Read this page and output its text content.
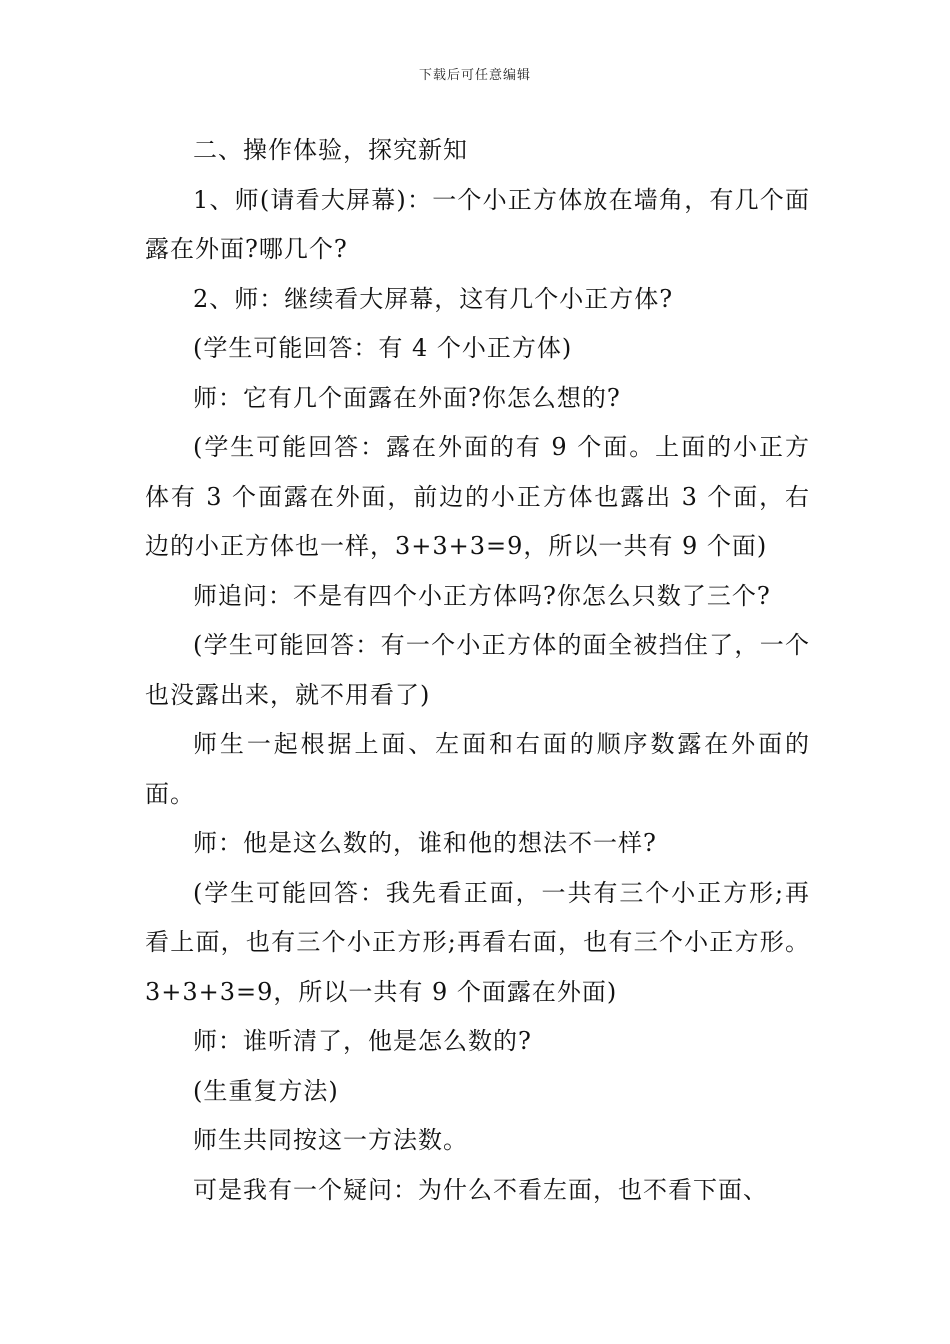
下载后可任意编辑

二、操作体验，探究新知

1、师(请看大屏幕)：一个小正方体放在墙角，有几个面露在外面?哪几个?

2、师：继续看大屏幕，这有几个小正方体?

(学生可能回答：有 4 个小正方体)

师：它有几个面露在外面?你怎么想的?

(学生可能回答：露在外面的有 9 个面。上面的小正方体有 3 个面露在外面，前边的小正方体也露出 3 个面，右边的小正方体也一样，3+3+3=9，所以一共有 9 个面)

师追问：不是有四个小正方体吗?你怎么只数了三个?

(学生可能回答：有一个小正方体的面全被挡住了，一个也没露出来，就不用看了)

师生一起根据上面、左面和右面的顺序数露在外面的面。

师：他是这么数的，谁和他的想法不一样?

(学生可能回答：我先看正面，一共有三个小正方形;再看上面，也有三个小正方形;再看右面，也有三个小正方形。3+3+3=9，所以一共有 9 个面露在外面)

师：谁听清了，他是怎么数的?

(生重复方法)

师生共同按这一方法数。

可是我有一个疑问：为什么不看左面，也不看下面、
